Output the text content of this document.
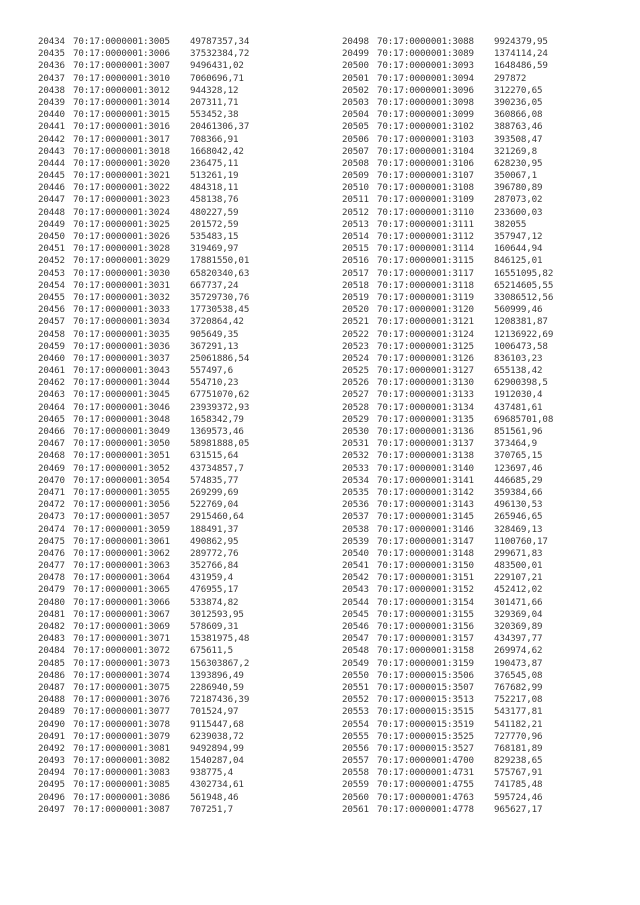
20434 70:17:0000001:3005 49787357,34
20435 70:17:0000001:3006 37532384,72
20436 70:17:0000001:3007 9496431,02
20437 70:17:0000001:3010 7060696,71
20438 70:17:0000001:3012 944328,12
20439 70:17:0000001:3014 207311,71
20440 70:17:0000001:3015 553452,38
20441 70:17:0000001:3016 20461306,37
20442 70:17:0000001:3017 708366,91
20443 70:17:0000001:3018 1668042,42
20444 70:17:0000001:3020 236475,11
20445 70:17:0000001:3021 513261,19
20446 70:17:0000001:3022 484318,11
20447 70:17:0000001:3023 458138,76
20448 70:17:0000001:3024 480227,59
20449 70:17:0000001:3025 201572,59
20450 70:17:0000001:3026 535483,15
20451 70:17:0000001:3028 319469,97
20452 70:17:0000001:3029 17881550,01
20453 70:17:0000001:3030 65820340,63
20454 70:17:0000001:3031 667737,24
20455 70:17:0000001:3032 35729730,76
20456 70:17:0000001:3033 17730538,45
20457 70:17:0000001:3034 3720864,42
20458 70:17:0000001:3035 905649,35
20459 70:17:0000001:3036 367291,13
20460 70:17:0000001:3037 25061886,54
20461 70:17:0000001:3043 557497,6
20462 70:17:0000001:3044 554710,23
20463 70:17:0000001:3045 67751070,62
20464 70:17:0000001:3046 23939372,93
20465 70:17:0000001:3048 1658342,79
20466 70:17:0000001:3049 1369573,46
20467 70:17:0000001:3050 58981888,05
20468 70:17:0000001:3051 631515,64
20469 70:17:0000001:3052 43734857,7
20470 70:17:0000001:3054 574835,77
20471 70:17:0000001:3055 269299,69
20472 70:17:0000001:3056 522769,04
20473 70:17:0000001:3057 2915460,64
20474 70:17:0000001:3059 188491,37
20475 70:17:0000001:3061 490862,95
20476 70:17:0000001:3062 289772,76
20477 70:17:0000001:3063 352766,84
20478 70:17:0000001:3064 431959,4
20479 70:17:0000001:3065 476955,17
20480 70:17:0000001:3066 533874,82
20481 70:17:0000001:3067 3012593,95
20482 70:17:0000001:3069 578609,31
20483 70:17:0000001:3071 15381975,48
20484 70:17:0000001:3072 675611,5
20485 70:17:0000001:3073 156303867,2
20486 70:17:0000001:3074 1393896,49
20487 70:17:0000001:3075 2286940,59
20488 70:17:0000001:3076 72187436,39
20489 70:17:0000001:3077 701524,97
20490 70:17:0000001:3078 9115447,68
20491 70:17:0000001:3079 6239038,72
20492 70:17:0000001:3081 9492894,99
20493 70:17:0000001:3082 1540287,04
20494 70:17:0000001:3083 938775,4
20495 70:17:0000001:3085 4302734,61
20496 70:17:0000001:3086 561948,46
20497 70:17:0000001:3087 707251,7
20498 70:17:0000001:3088 9924379,95
20499 70:17:0000001:3089 1374114,24
20500 70:17:0000001:3093 1648486,59
20501 70:17:0000001:3094 297872
20502 70:17:0000001:3096 312270,65
20503 70:17:0000001:3098 390236,05
20504 70:17:0000001:3099 360866,08
20505 70:17:0000001:3102 388763,46
20506 70:17:0000001:3103 393508,47
20507 70:17:0000001:3104 321269,8
20508 70:17:0000001:3106 628230,95
20509 70:17:0000001:3107 350067,1
20510 70:17:0000001:3108 396780,89
20511 70:17:0000001:3109 287073,02
20512 70:17:0000001:3110 233600,03
20513 70:17:0000001:3111 382055
20514 70:17:0000001:3112 357947,12
20515 70:17:0000001:3114 160644,94
20516 70:17:0000001:3115 846125,01
20517 70:17:0000001:3117 16551095,82
20518 70:17:0000001:3118 65214605,55
20519 70:17:0000001:3119 33086512,56
20520 70:17:0000001:3120 560999,46
20521 70:17:0000001:3121 1208381,87
20522 70:17:0000001:3124 12136922,69
20523 70:17:0000001:3125 1006473,58
20524 70:17:0000001:3126 836103,23
20525 70:17:0000001:3127 655138,42
20526 70:17:0000001:3130 62900398,5
20527 70:17:0000001:3133 1912030,4
20528 70:17:0000001:3134 437481,61
20529 70:17:0000001:3135 69685701,08
20530 70:17:0000001:3136 851561,96
20531 70:17:0000001:3137 373464,9
20532 70:17:0000001:3138 370765,15
20533 70:17:0000001:3140 123697,46
20534 70:17:0000001:3141 446685,29
20535 70:17:0000001:3142 359384,66
20536 70:17:0000001:3143 496130,53
20537 70:17:0000001:3145 265946,65
20538 70:17:0000001:3146 328469,13
20539 70:17:0000001:3147 1100760,17
20540 70:17:0000001:3148 299671,83
20541 70:17:0000001:3150 483500,01
20542 70:17:0000001:3151 229107,21
20543 70:17:0000001:3152 452412,02
20544 70:17:0000001:3154 301471,66
20545 70:17:0000001:3155 329369,04
20546 70:17:0000001:3156 320369,89
20547 70:17:0000001:3157 434397,77
20548 70:17:0000001:3158 269974,62
20549 70:17:0000001:3159 190473,87
20550 70:17:0000015:3506 376545,08
20551 70:17:0000015:3507 767682,99
20552 70:17:0000015:3513 752217,08
20553 70:17:0000015:3515 543177,81
20554 70:17:0000015:3519 541182,21
20555 70:17:0000015:3525 727770,96
20556 70:17:0000015:3527 768181,89
20557 70:17:0000001:4700 829238,65
20558 70:17:0000001:4731 575767,91
20559 70:17:0000001:4755 741785,48
20560 70:17:0000001:4763 595724,46
20561 70:17:0000001:4778 965627,17
